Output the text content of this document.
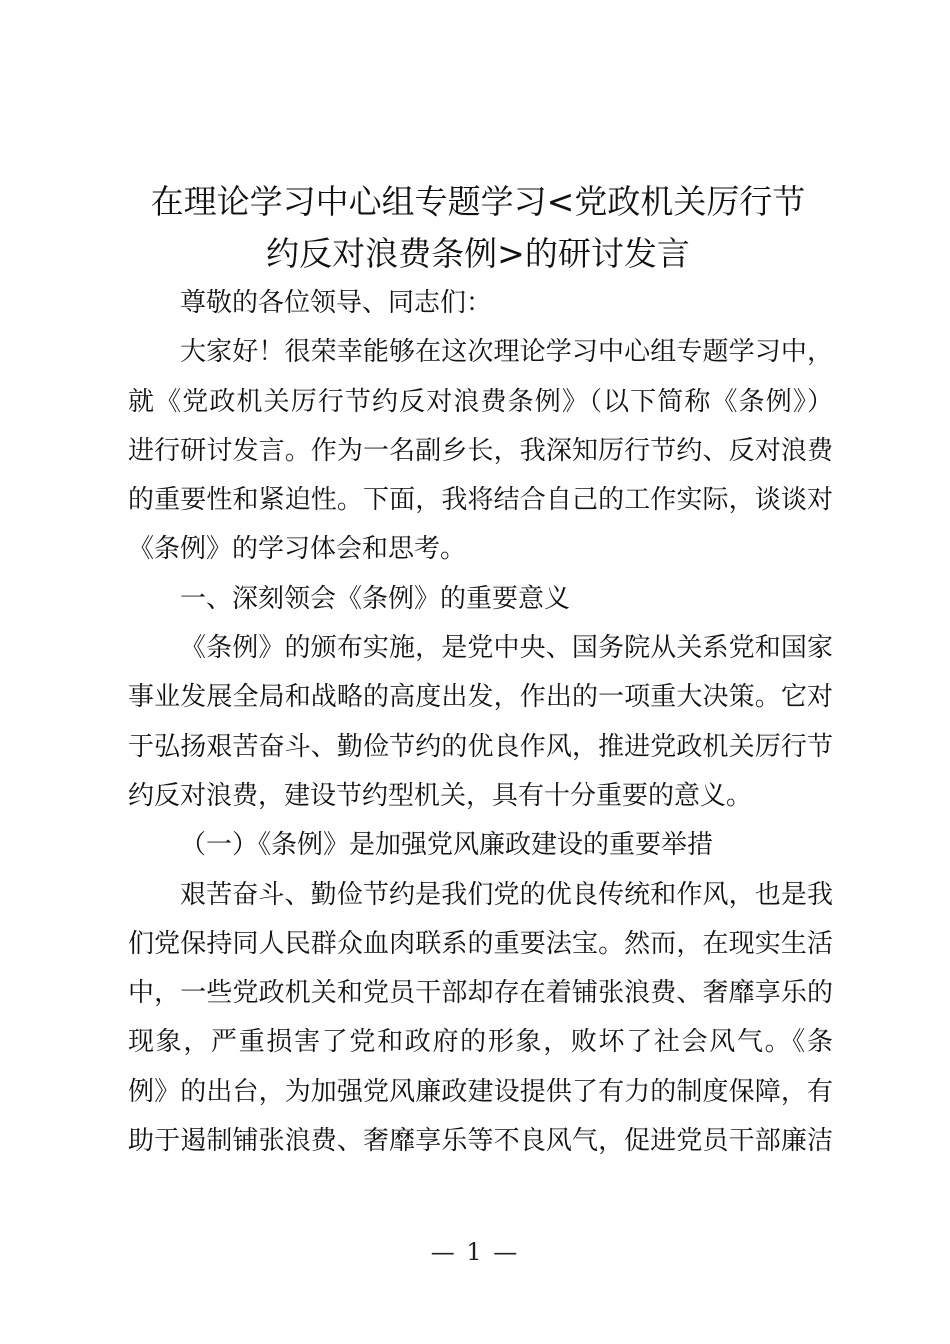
在理论学习中心组专题学习<党政机关厉行节
约反对浪费条例>的研讨发言
尊敬的各位领导、同志们：
大家好！很荣幸能够在这次理论学习中心组专题学习中，
就《党政机关厉行节约反对浪费条例》（以下简称《条例》）
进行研讨发言。作为一名副乡长，我深知厉行节约、反对浪费
的重要性和紧迫性。下面，我将结合自己的工作实际，谈谈对
《条例》的学习体会和思考。
一、深刻领会《条例》的重要意义
《条例》的颁布实施，是党中央、国务院从关系党和国家
事业发展全局和战略的高度出发，作出的一项重大决策。它对
于弘扬艰苦奋斗、勤俭节约的优良作风，推进党政机关厉行节
约反对浪费，建设节约型机关，具有十分重要的意义。
（一）《条例》是加强党风廉政建设的重要举措
艰苦奋斗、勤俭节约是我们党的优良传统和作风，也是我
们党保持同人民群众血肉联系的重要法宝。然而，在现实生活
中，一些党政机关和党员干部却存在着铺张浪费、奢靡享乐的
现象，严重损害了党和政府的形象，败坏了社会风气。《条
例》的出台，为加强党风廉政建设提供了有力的制度保障，有
助于遏制铺张浪费、奢靡享乐等不良风气，促进党员干部廉洁
— 1 —
